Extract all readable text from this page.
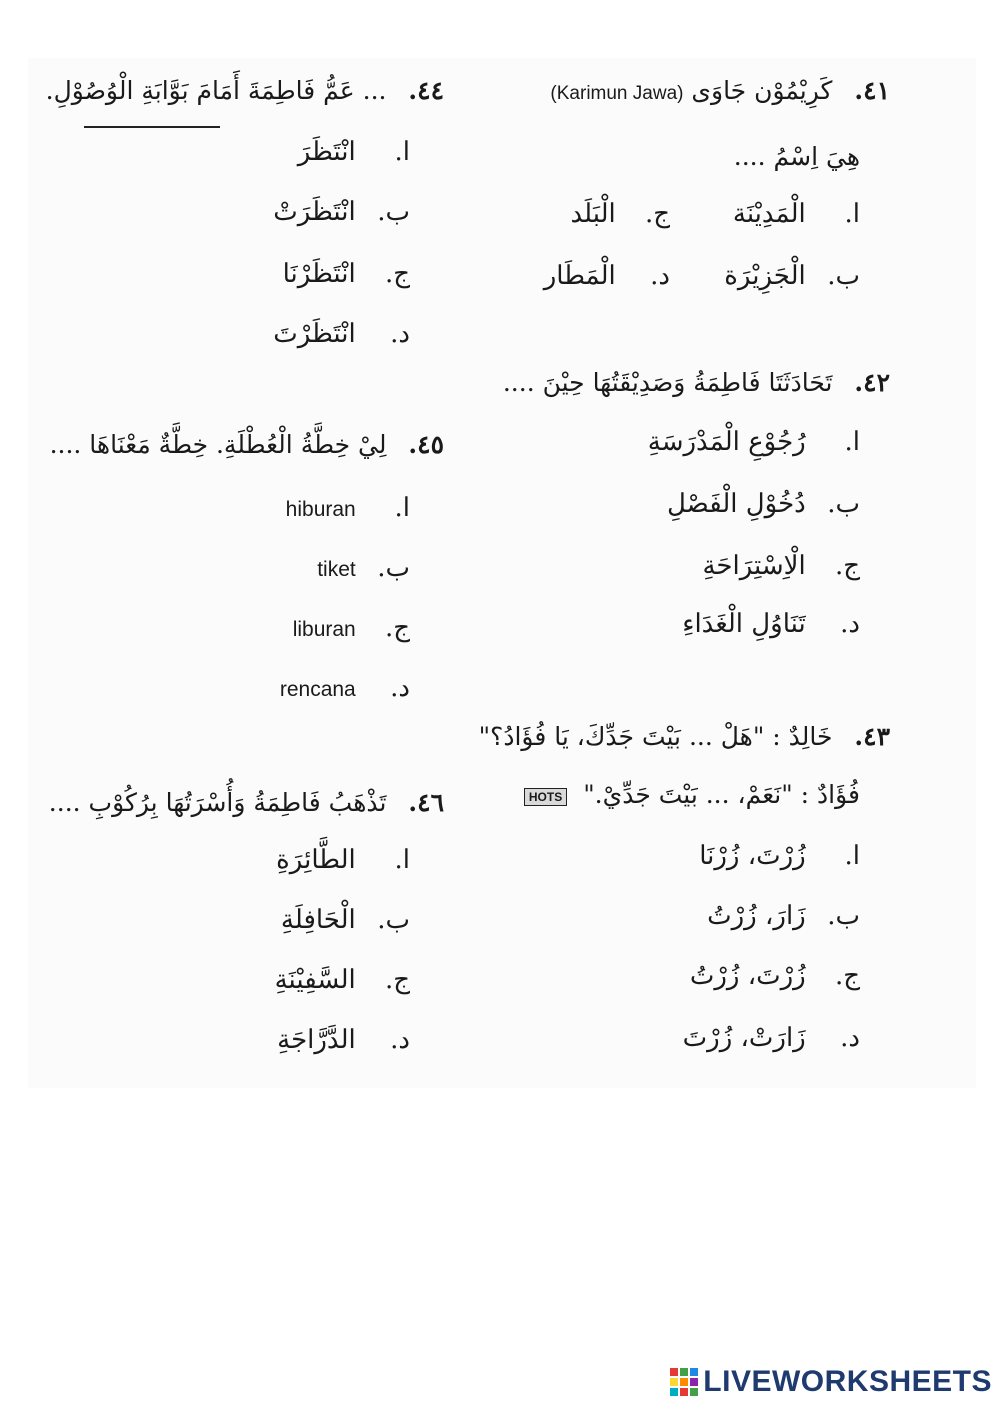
٤١. كَرِيْمُوْن جَاوَى (Karimun Jawa)
هِيَ اِسْمُ ....
ا. الْمَدِيْنَة
ج. الْبَلَد
ب. الْجَزِيْرَة
د. الْمَطَار
٤٢. تَحَادَثَتَا فَاطِمَةُ وَصَدِيْقَتُهَا حِيْنَ ....
ا. رُجُوْعِ الْمَدْرَسَةِ
ب. دُخُوْلِ الْفَصْلِ
ج. الْاِسْتِرَاحَةِ
د. تَنَاوُلِ الْغَدَاءِ
٤٣. خَالِدٌ : "هَلْ ... بَيْتَ جَدِّكَ، يَا فُؤَادُ؟"
فُؤَادٌ : "نَعَمْ، ... بَيْتَ جَدِّيْ." HOTS
ا. زُرْتَ، زُرْنَا
ب. زَارَ، زُرْتُ
ج. زُرْتَ، زُرْتُ
د. زَارَتْ، زُرْتَ
٤٤. ... عَمُّ فَاطِمَةَ أَمَامَ بَوَّابَةِ الْوُصُوْلِ.
ا. انْتَظَرَ
ب. انْتَظَرَتْ
ج. انْتَظَرْنَا
د. انْتَظَرْتَ
٤٥. لِيْ خِطَّةُ الْعُطْلَةِ. خِطَّةٌ مَعْنَاهَا ....
ا. hiburan
ب. tiket
ج. liburan
د. rencana
٤٦. تَذْهَبُ فَاطِمَةُ وَأُسْرَتُهَا بِرُكُوْبِ ....
ا. الطَّائِرَةِ
ب. الْحَافِلَةِ
ج. السَّفِيْنَةِ
د. الدَّرَّاجَةِ
LIVEWORKSHEETS
